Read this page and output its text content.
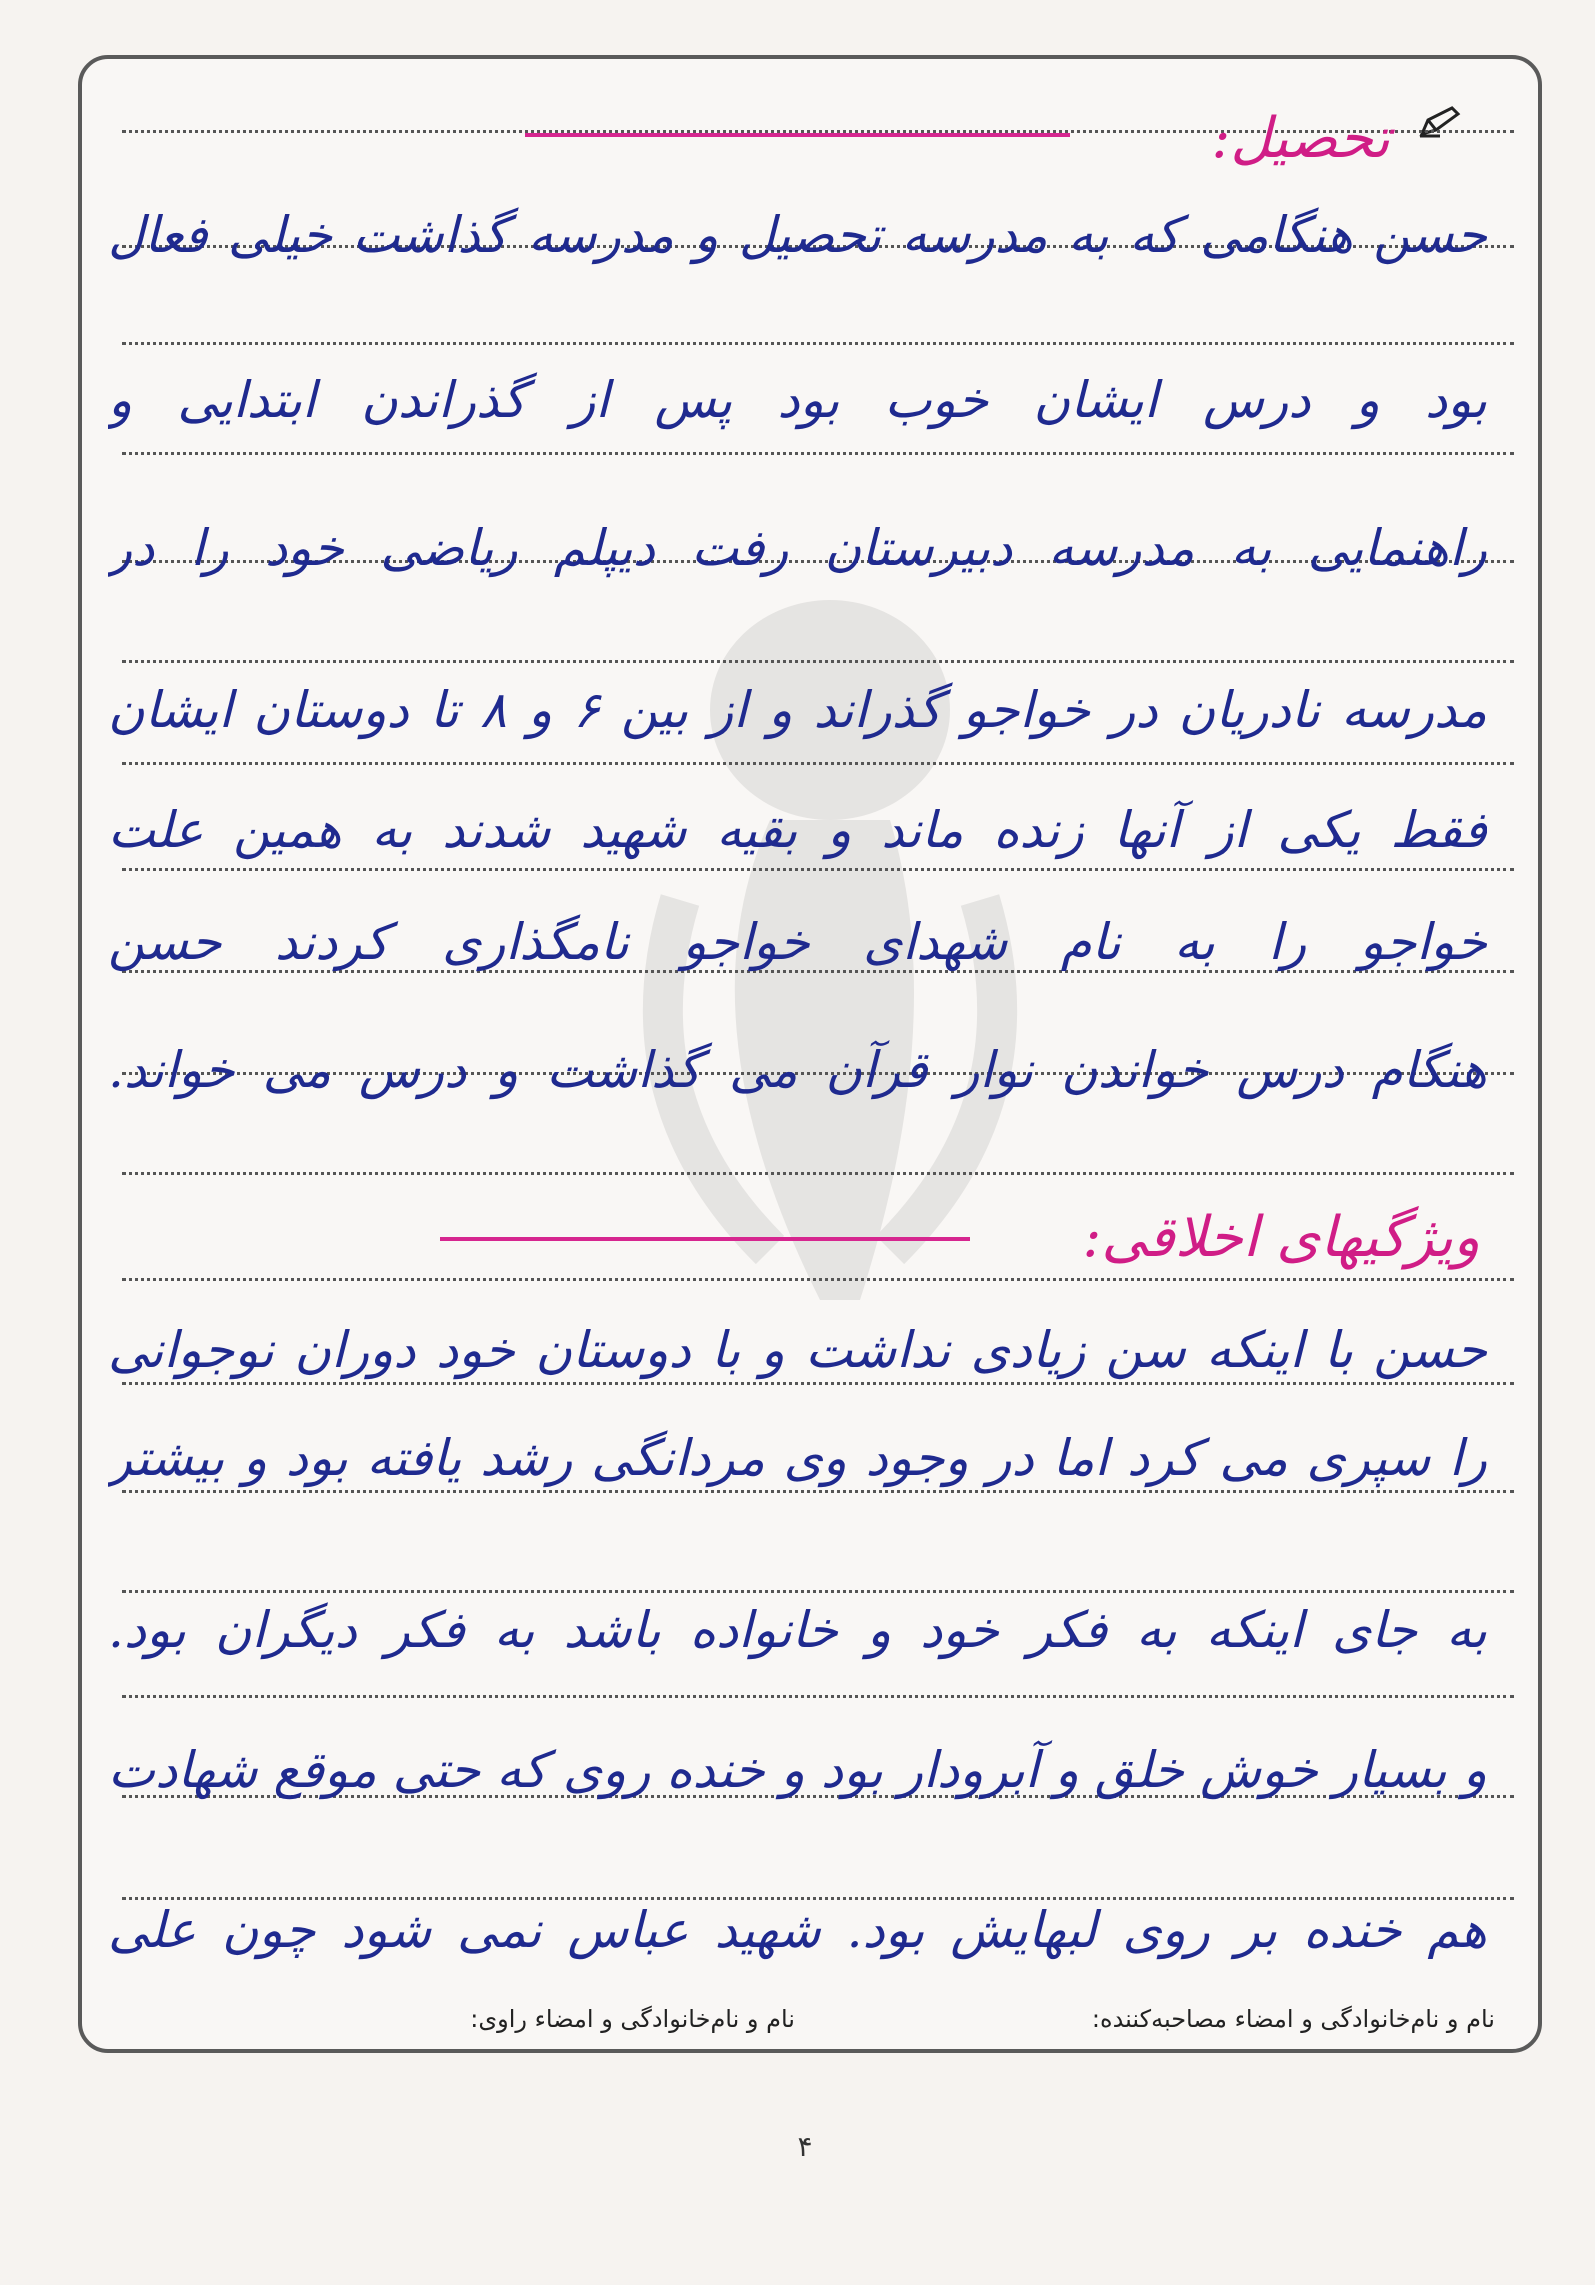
تحصیل:
حسن هنگامی که به مدرسه تحصیل و مدرسه گذاشت خیلی فعال
بود و درس ایشان خوب بود پس از گذراندن ابتدایی و
راهنمایی به مدرسه دبیرستان رفت دیپلم ریاضی خود را در
مدرسه نادریان در خواجو گذراند و از بین ۶ و ۸ تا دوستان ایشان
فقط یکی از آنها زنده ماند و بقیه شهید شدند به همین علت
خواجو را به نام شهدای خواجو نامگذاری کردند حسن
هنگام درس خواندن نوار قرآن می گذاشت و درس می خواند.
ویژگیهای اخلاقی:
حسن با اینکه سن زیادی نداشت و با دوستان خود دوران نوجوانی
را سپری می کرد اما در وجود وی مردانگی رشد یافته بود و بیشتر
به جای اینکه به فکر خود و خانواده باشد به فکر دیگران بود.
و بسیار خوش خلق و آبرودار بود و خنده روی که حتی موقع شهادت
هم خنده بر روی لبهایش بود. شهید عباس نمی شود چون علی
نام و نام‌خانوادگی و امضاء مصاحبه‌کننده:
نام و نام‌خانوادگی و امضاء راوی:
۴
